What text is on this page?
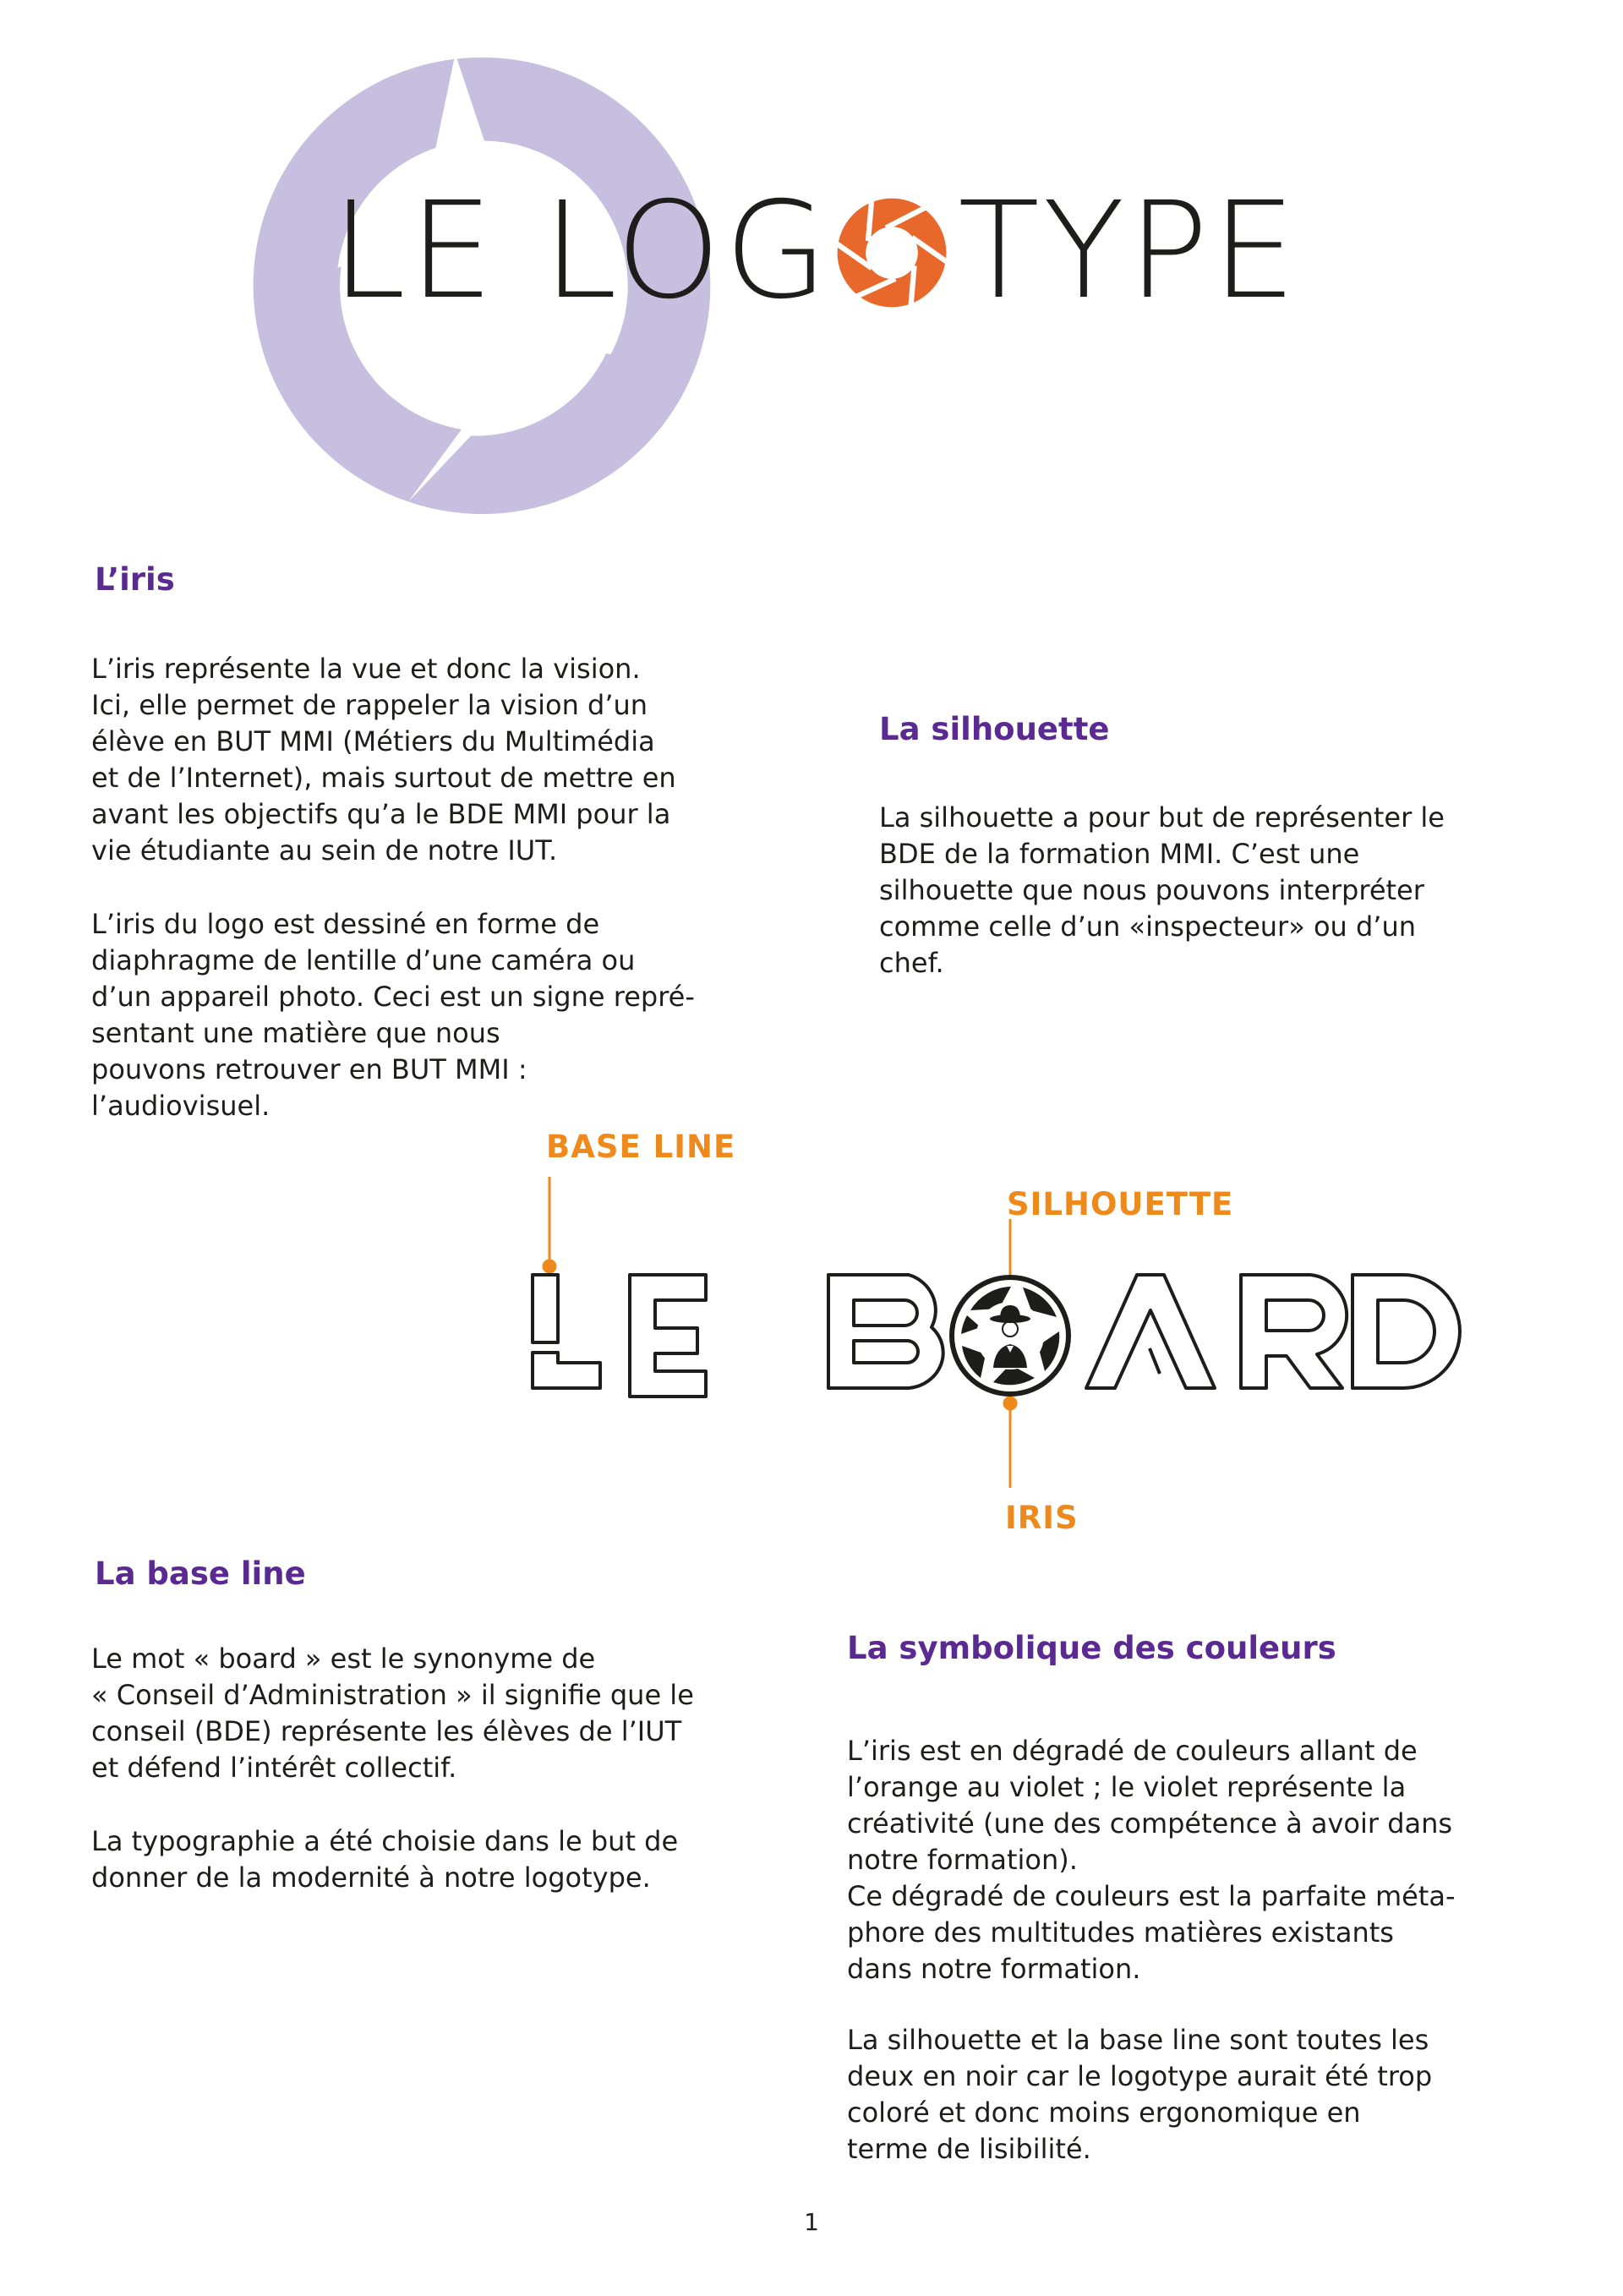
LE LOG TYPE
L’iris

L’iris représente la vue et donc la vision.
Ici, elle permet de rappeler la vision d’un
élève en BUT MMI (Métiers du Multimédia
et de l’Internet), mais surtout de mettre en
avant les objectifs qu’a le BDE MMI pour la
vie étudiante au sein de notre IUT.

L’iris du logo est dessiné en forme de
diaphragme de lentille d’une caméra ou
d’un appareil photo. Ceci est un signe repré-
sentant une matière que nous
pouvons retrouver en BUT MMI :
l’audiovisuel.

La silhouette

La silhouette a pour but de représenter le
BDE de la formation MMI. C’est une
silhouette que nous pouvons interpréter
comme celle d’un «inspecteur» ou d’un
chef.

BASE LINE

SILHOUETTE

IRIS

La base line

Le mot « board » est le synonyme de
« Conseil d’Administration » il signifie que le
conseil (BDE) représente les élèves de l’IUT
et défend l’intérêt collectif.

La typographie a été choisie dans le but de
donner de la modernité à notre logotype.

La symbolique des couleurs

L’iris est en dégradé de couleurs allant de
l’orange au violet ; le violet représente la
créativité (une des compétence à avoir dans
notre formation).
Ce dégradé de couleurs est la parfaite méta-
phore des multitudes matières existants
dans notre formation.

La silhouette et la base line sont toutes les
deux en noir car le logotype aurait été trop
coloré et donc moins ergonomique en
terme de lisibilité.

1
